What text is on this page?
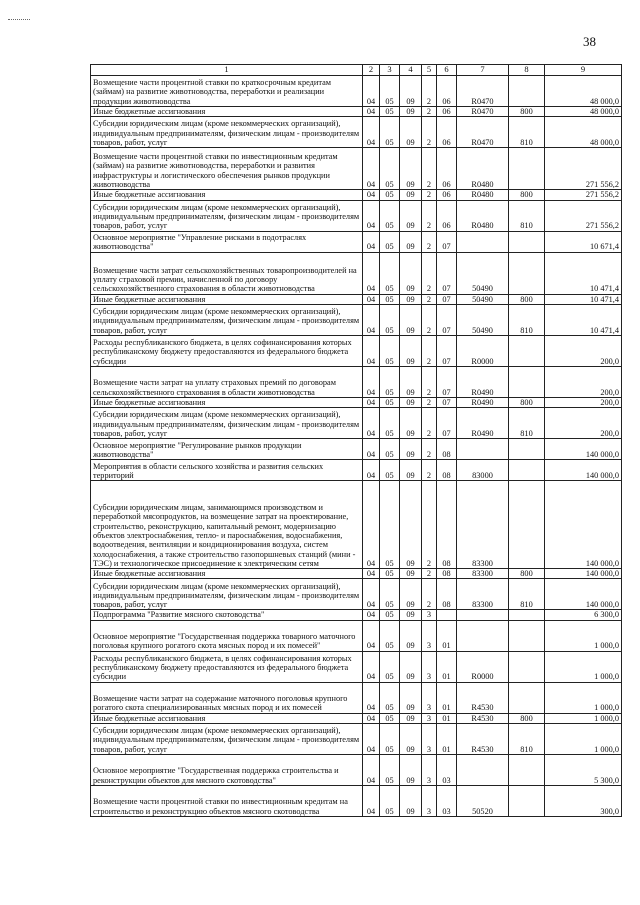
38
1	2	3	4	5	6	7	8	9
Возмещение части процентной ставки по краткосрочным кредитам (займам) на развитие животноводства, переработки и реализации продукции животноводства	04	05	09	2	06	R0470		48 000,0
Иные бюджетные ассигнования	04	05	09	2	06	R0470	800	48 000,0
Субсидии юридическим лицам (кроме некоммерческих организаций), индивидуальным предпринимателям, физическим лицам - производителям товаров, работ, услуг	04	05	09	2	06	R0470	810	48 000,0
Возмещение части процентной ставки по инвестиционным кредитам (займам) на развитие животноводства, переработки и развития инфраструктуры и логистического обеспечения рынков продукции животноводства	04	05	09	2	06	R0480		271 556,2
Иные бюджетные ассигнования	04	05	09	2	06	R0480	800	271 556,2
Субсидии юридическим лицам (кроме некоммерческих организаций), индивидуальным предпринимателям, физическим лицам - производителям товаров, работ, услуг	04	05	09	2	06	R0480	810	271 556,2
Основное мероприятие "Управление рисками в подотраслях животноводства"	04	05	09	2	07			10 671,4
Возмещение части затрат сельскохозяйственных товаропроизводителей на уплату страховой премии, начисленной по договору сельскохозяйственного страхования в области животноводства	04	05	09	2	07	50490		10 471,4
Иные бюджетные ассигнования	04	05	09	2	07	50490	800	10 471,4
Субсидии юридическим лицам (кроме некоммерческих организаций), индивидуальным предпринимателям, физическим лицам - производителям товаров, работ, услуг	04	05	09	2	07	50490	810	10 471,4
Расходы республиканского бюджета, в целях софинансирования которых республиканскому бюджету предоставляются из федерального бюджета субсидии	04	05	09	2	07	R0000		200,0
Возмещение части затрат на уплату страховых премий по договорам сельскохозяйственного страхования в области животноводства	04	05	09	2	07	R0490		200,0
Иные бюджетные ассигнования	04	05	09	2	07	R0490	800	200,0
Субсидии юридическим лицам (кроме некоммерческих организаций), индивидуальным предпринимателям, физическим лицам - производителям товаров, работ, услуг	04	05	09	2	07	R0490	810	200,0
Основное мероприятие "Регулирование рынков продукции животноводства"	04	05	09	2	08			140 000,0
Мероприятия в области сельского хозяйства и развития сельских территорий	04	05	09	2	08	83000		140 000,0
Субсидии юридическим лицам, занимающимся производством и переработкой мясопродуктов, на возмещение затрат на проектирование, строительство, реконструкцию, капитальный ремонт, модернизацию объектов электроснабжения, тепло- и пароснабжения, водоснабжения, водоотведения, вентиляции и кондиционирования воздуха, систем холодоснабжения, а также строительство газопоршневых станций (мини - ТЭС) и технологическое присоединение к электрическим сетям	04	05	09	2	08	83300		140 000,0
Иные бюджетные ассигнования	04	05	09	2	08	83300	800	140 000,0
Субсидии юридическим лицам (кроме некоммерческих организаций), индивидуальным предпринимателям, физическим лицам - производителям товаров, работ, услуг	04	05	09	2	08	83300	810	140 000,0
Подпрограмма "Развитие мясного скотоводства"	04	05	09	3				6 300,0
Основное мероприятие "Государственная поддержка товарного маточного поголовья крупного рогатого скота мясных пород и их помесей"	04	05	09	3	01			1 000,0
Расходы республиканского бюджета, в целях софинансирования которых республиканскому бюджету предоставляются из федерального бюджета субсидии	04	05	09	3	01	R0000		1 000,0
Возмещение части затрат на содержание маточного поголовья крупного рогатого скота специализированных мясных пород и их помесей	04	05	09	3	01	R4530		1 000,0
Иные бюджетные ассигнования	04	05	09	3	01	R4530	800	1 000,0
Субсидии юридическим лицам (кроме некоммерческих организаций), индивидуальным предпринимателям, физическим лицам - производителям товаров, работ, услуг	04	05	09	3	01	R4530	810	1 000,0
Основное мероприятие "Государственная поддержка строительства и реконструкции объектов для мясного скотоводства"	04	05	09	3	03			5 300,0
Возмещение части процентной ставки по инвестиционным кредитам на строительство и реконструкцию объектов мясного скотоводства	04	05	09	3	03	50520		300,0
